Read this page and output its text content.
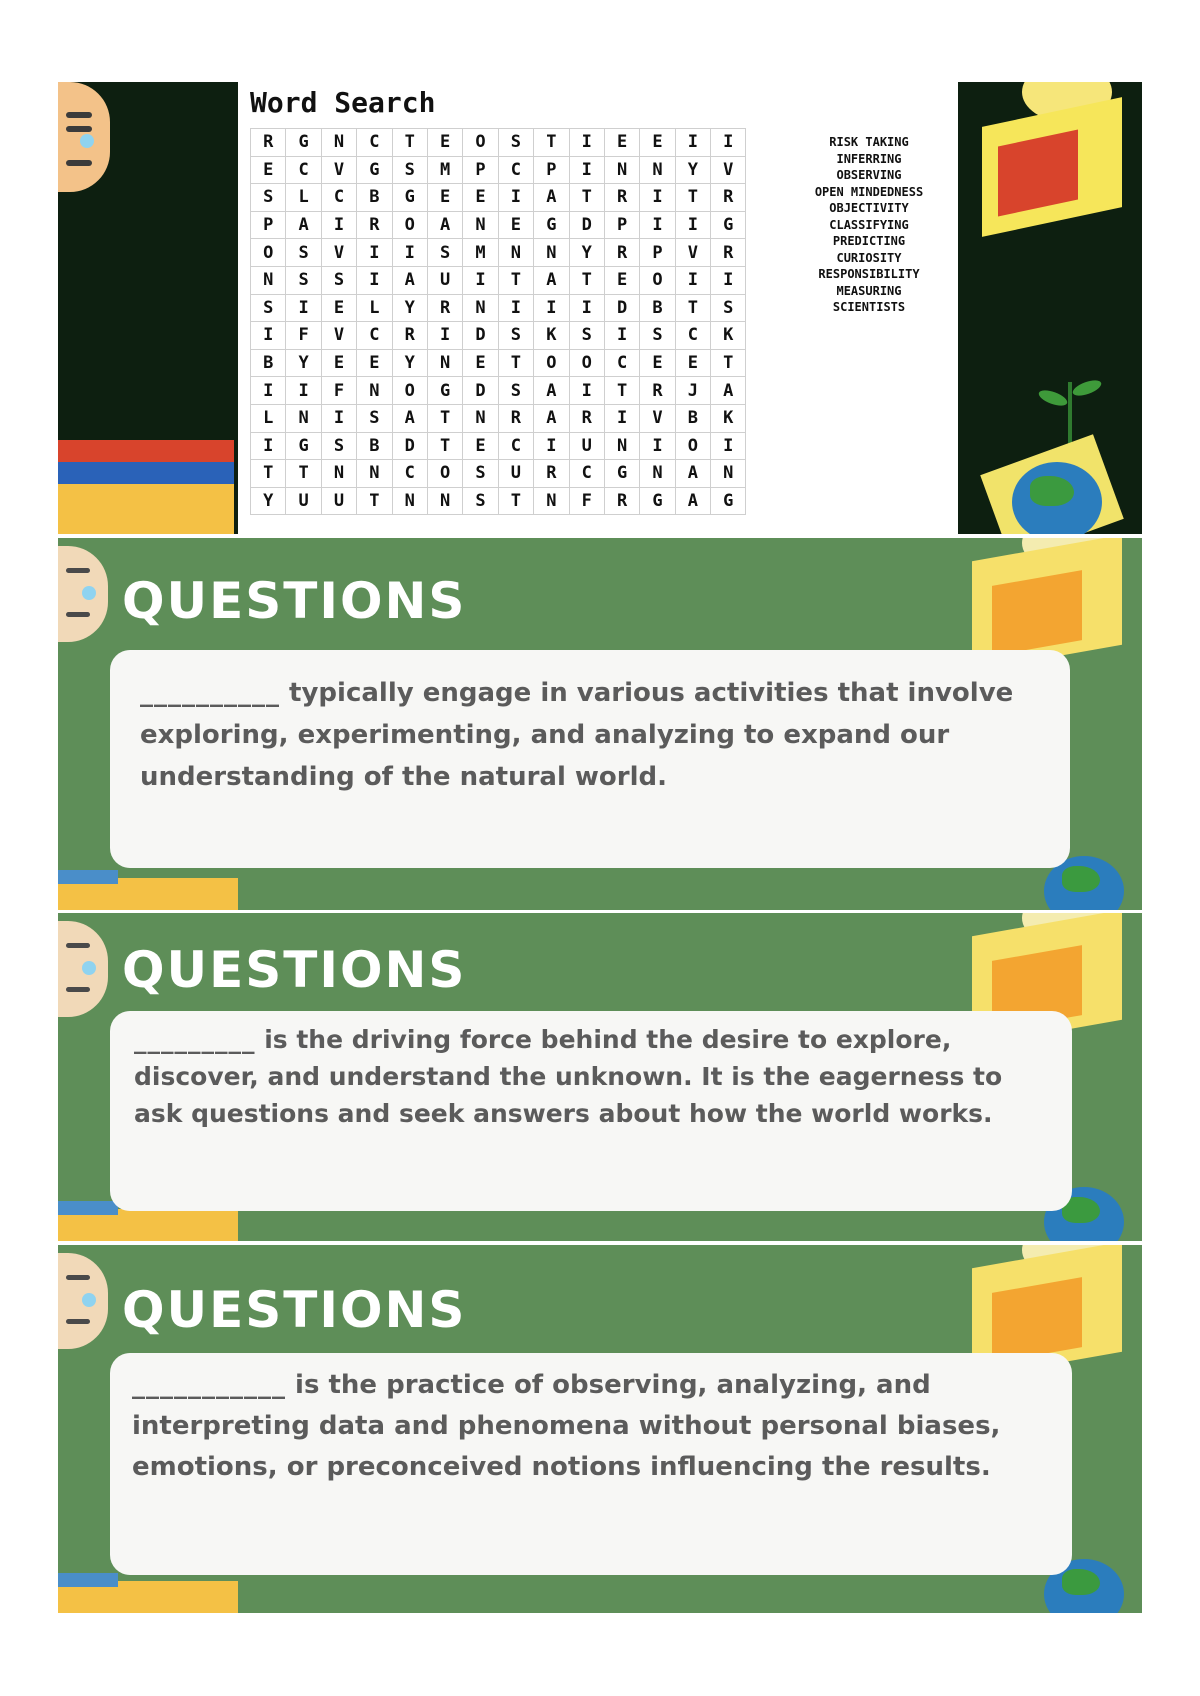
Word Search
R	G	N	C	T	E	O	S	T	I	E	E	I	I
E	C	V	G	S	M	P	C	P	I	N	N	Y	V
S	L	C	B	G	E	E	I	A	T	R	I	T	R
P	A	I	R	O	A	N	E	G	D	P	I	I	G
O	S	V	I	I	S	M	N	N	Y	R	P	V	R
N	S	S	I	A	U	I	T	A	T	E	O	I	I
S	I	E	L	Y	R	N	I	I	I	D	B	T	S
I	F	V	C	R	I	D	S	K	S	I	S	C	K
B	Y	E	E	Y	N	E	T	O	O	C	E	E	T
I	I	F	N	O	G	D	S	A	I	T	R	J	A
L	N	I	S	A	T	N	R	A	R	I	V	B	K
I	G	S	B	D	T	E	C	I	U	N	I	O	I
T	T	N	N	C	O	S	U	R	C	G	N	A	N
Y	U	U	T	N	N	S	T	N	F	R	G	A	G
RISK TAKING
INFERRING
OBSERVING
OPEN MINDEDNESS
OBJECTIVITY
CLASSIFYING
PREDICTING
CURIOSITY
RESPONSIBILITY
MEASURING
SCIENTISTS
QUESTIONS
__________ typically engage in various activities that involve exploring, experimenting, and analyzing to expand our understanding of the natural world.
QUESTIONS
_________ is the driving force behind the desire to explore, discover, and understand the unknown. It is the eagerness to ask questions and seek answers about how the world works.
QUESTIONS
___________ is the practice of observing, analyzing, and interpreting data and phenomena without personal biases, emotions, or preconceived notions influencing the results.
